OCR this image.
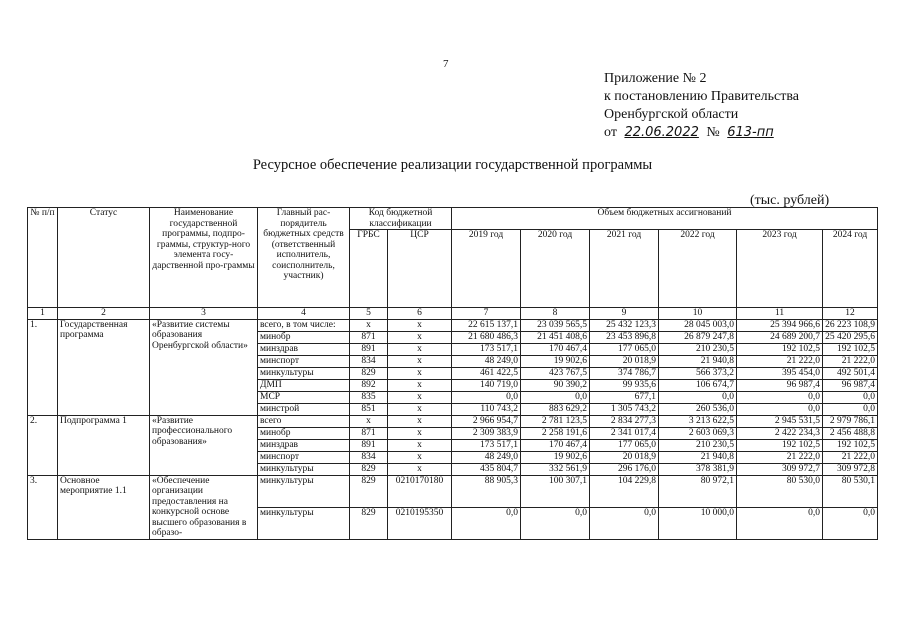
7
Приложение № 2
к постановлению Правительства
Оренбургской области
от 22.06.2022 № 613-пп
Ресурсное обеспечение реализации государственной программы
(тыс. рублей)
№ п/п	Статус	Наименование государственной программы, подпро-граммы, структур-ного элемента госу-дарственной про-граммы	Главный рас-порядитель бюджетных средств (ответственный исполнитель, соисполнитель, участник)	Код бюджетной классификации		Объем бюджетных ассигнований					
				ГРБС	ЦСР	2019 год	2020 год	2021 год	2022 год	2023 год	2024 год
1	2	3	4	5	6	7	8	9	10	11	12
1.	Государственная программа	«Развитие системы образования Оренбургской области»	всего, в том числе:	х	х	22 615 137,1	23 039 565,5	25 432 123,3	28 045 003,0	25 394 966,6	26 223 108,9
			минобр	871	х	21 680 486,3	21 451 408,6	23 453 896,8	26 879 247,8	24 689 200,7	25 420 295,6
			минздрав	891	х	173 517,1	170 467,4	177 065,0	210 230,5	192 102,5	192 102,5
			минспорт	834	х	48 249,0	19 902,6	20 018,9	21 940,8	21 222,0	21 222,0
			минкультуры	829	х	461 422,5	423 767,5	374 786,7	566 373,2	395 454,0	492 501,4
			ДМП	892	х	140 719,0	90 390,2	99 935,6	106 674,7	96 987,4	96 987,4
			МСР	835	х	0,0	0,0	677,1	0,0	0,0	0,0
			минстрой	851	х	110 743,2	883 629,2	1 305 743,2	260 536,0	0,0	0,0
2.	Подпрограмма 1	«Развитие профессионального образования»	всего	х	х	2 966 954,7	2 781 123,5	2 834 277,3	3 213 622,5	2 945 531,5	2 979 786,1
			минобр	871	х	2 309 383,9	2 258 191,6	2 341 017,4	2 603 069,3	2 422 234,3	2 456 488,8
			минздрав	891	х	173 517,1	170 467,4	177 065,0	210 230,5	192 102,5	192 102,5
			минспорт	834	х	48 249,0	19 902,6	20 018,9	21 940,8	21 222,0	21 222,0
			минкультуры	829	х	435 804,7	332 561,9	296 176,0	378 381,9	309 972,7	309 972,8
3.	Основное мероприятие 1.1	«Обеспечение организации предоставления на конкурсной основе высшего образования в образо-	минкультуры	829	0210170180	88 905,3	100 307,1	104 229,8	80 972,1	80 530,0	80 530,1
			минкультуры	829	0210195350	0,0	0,0	0,0	10 000,0	0,0	0,0
